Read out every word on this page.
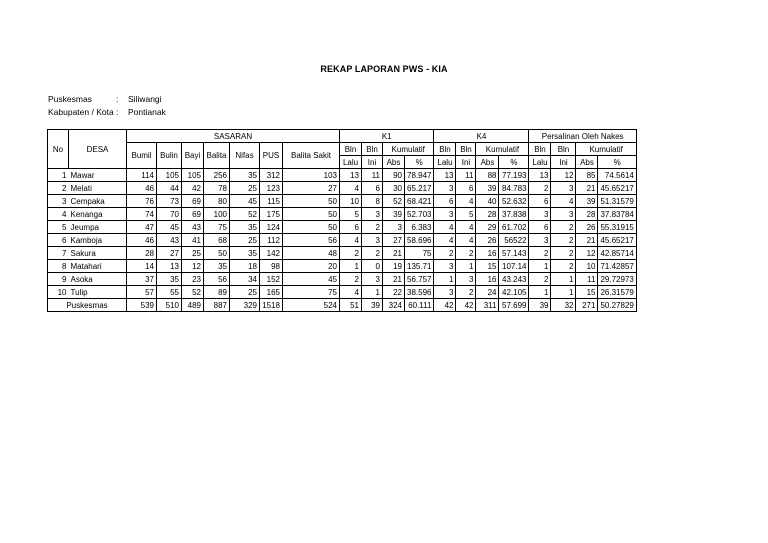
REKAP LAPORAN PWS - KIA
Puskesmas	: Siliwangi
Kabupaten / Kota : Pontianak
No	DESA	SASARAN							K1				K4				Persalinan Oleh Nakes			
		Bumil	Bulin	Bayi	Balita	Nifas	PUS	Balita Sakit	Bln	Bln	Kumulatif		Bln	Bln	Kumulatif		Bln	Bln	Kumulatif	
									Lalu	Ini	Abs	%	Lalu	Ini	Abs	%	Lalu	Ini	Abs	%
1	Mawar	114	105	105	256	35	312	103	13	11	90	78.947	13	11	88	77.193	13	12	85	74.5614
2	Melati	46	44	42	78	25	123	27	4	6	30	65.217	3	6	39	84.783	2	3	21	45.65217
3	Cempaka	76	73	69	80	45	115	50	10	8	52	68.421	6	4	40	52.632	6	4	39	51.31579
4	Kenanga	74	70	69	100	52	175	50	5	3	39	52.703	3	5	28	37.838	3	3	28	37.83784
5	Jeumpa	47	45	43	75	35	124	50	6	2	3	6.383	4	4	29	61.702	6	2	26	55.31915
6	Kamboja	46	43	41	68	25	112	56	4	3	27	58.696	4	4	26	56522	3	2	21	45.65217
7	Sakura	28	27	25	50	35	142	48	2	2	21	75	2	2	16	57.143	2	2	12	42.85714
8	Matahari	14	13	12	35	18	98	20	1	0	19	135.71	3	1	15	107.14	1	2	10	71.42857
9	Asoka	37	35	23	56	34	152	45	2	3	21	56.757	1	3	16	43.243	2	1	11	29.72973
10	Tulip	57	55	52	89	25	165	75	4	1	22	38.596	3	2	24	42.105	1	1	15	26.31579
Puskesmas		539	510	489	887	329	1518	524	51	39	324	60.111	42	42	311	57.699	39	32	271	50.27829
